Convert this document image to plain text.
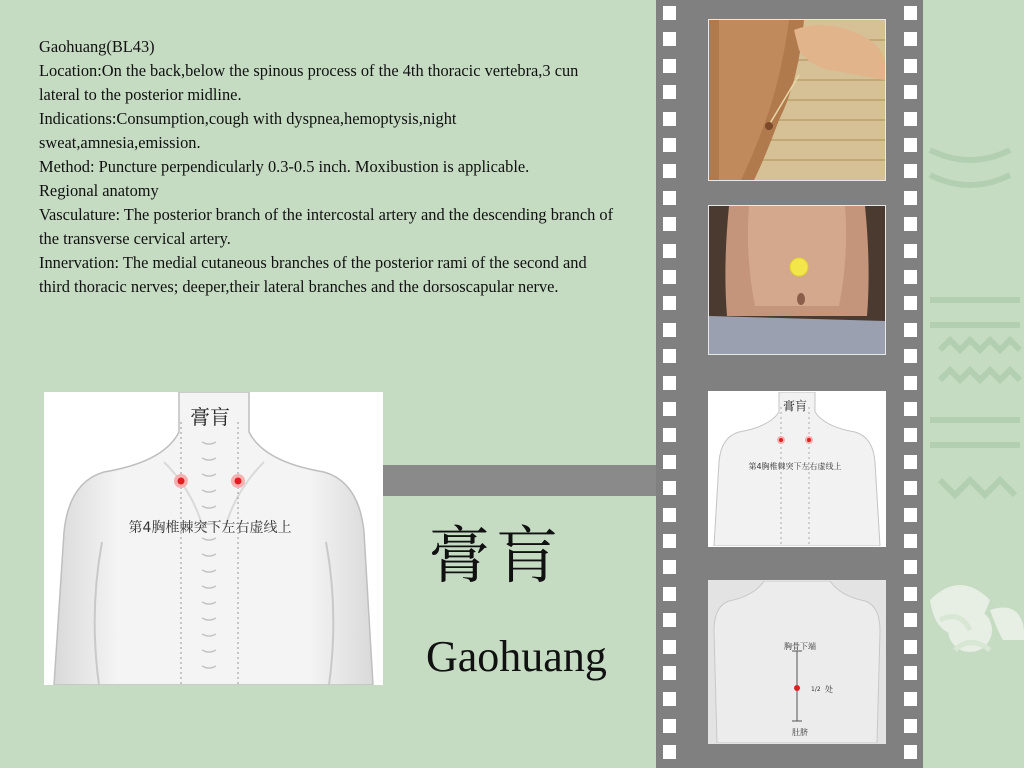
Gaohuang(BL43)

Location:On the back,below the spinous process of the 4th thoracic vertebra,3 cun lateral to the posterior midline.

Indications:Consumption,cough with dyspnea,hemoptysis,night sweat,amnesia,emission.

Method: Puncture perpendicularly 0.3-0.5 inch. Moxibustion is applicable.

Regional anatomy

Vasculature: The posterior branch of the intercostal artery and the descending branch of the transverse cervical artery.

Innervation: The medial cutaneous branches of the posterior rami of the second and third thoracic nerves; deeper,their lateral branches and the dorsoscapular nerve.

膏肓
第4胸椎棘突下左右虚线上 膏肓
Gaohuang
膏肓
第4胸椎棘突下左右虚线上
胸骨下端
1/2 处
肚脐
